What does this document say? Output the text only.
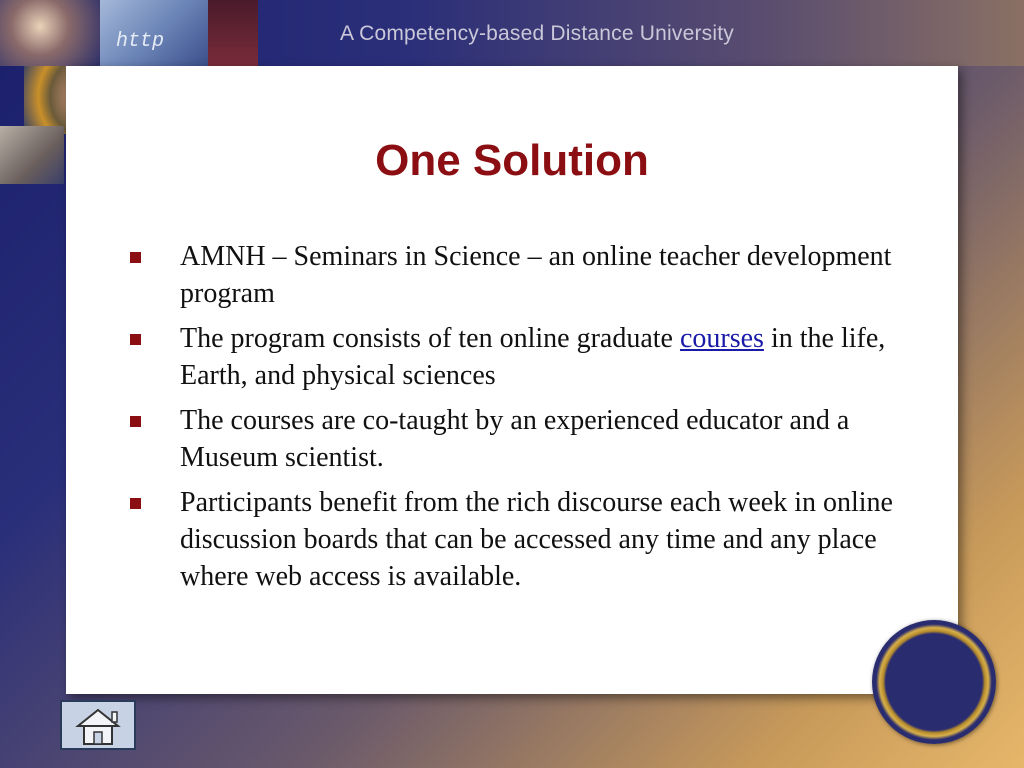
A Competency-based Distance University
http
One Solution
AMNH – Seminars in Science – an online teacher development program
The program consists of ten online graduate courses in the life, Earth, and physical sciences
The courses are co-taught by an experienced educator and a Museum scientist.
Participants benefit from the rich discourse each week in online discussion boards that can be accessed any time and any place where web access is available.
